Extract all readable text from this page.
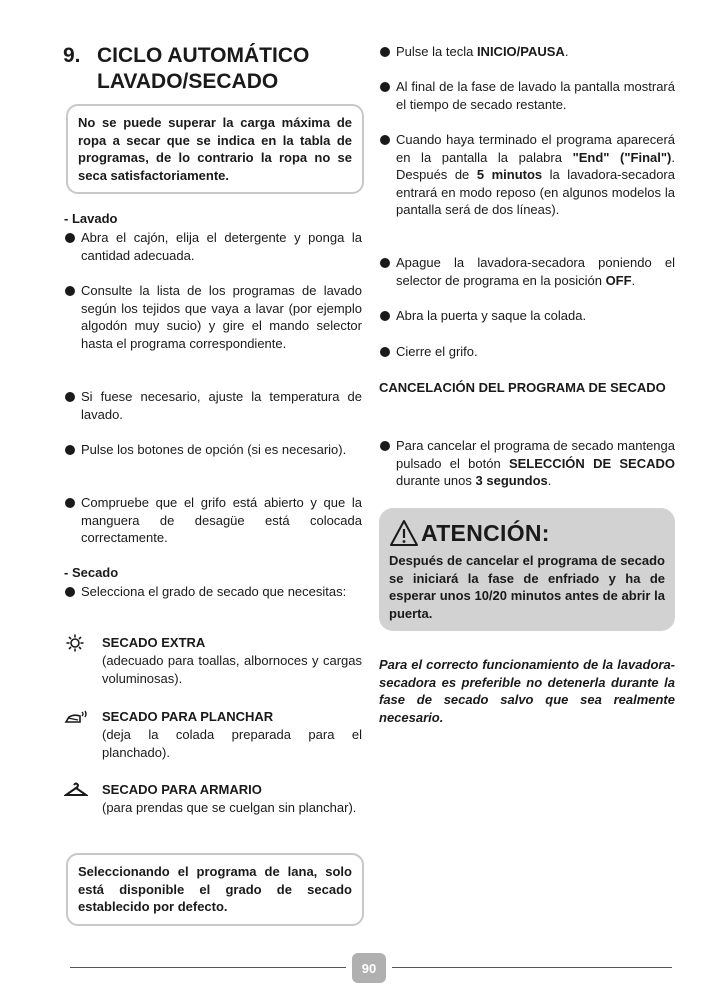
9. CICLO AUTOMÁTICO
LAVADO/SECADO
No se puede superar la carga máxima de ropa a secar que se indica en la tabla de programas, de lo contrario la ropa no se seca satisfactoriamente.
- Lavado
Abra el cajón, elija el detergente y ponga la cantidad adecuada.
Consulte la lista de los programas de lavado según los tejidos que vaya a lavar (por ejemplo algodón muy sucio) y gire el mando selector hasta el programa correspondiente.
Si fuese necesario, ajuste la temperatura de lavado.
Pulse los botones de opción (si es necesario).
Compruebe que el grifo está abierto y que la manguera de desagüe está colocada correctamente.
- Secado
Selecciona el grado de secado que necesitas:
SECADO EXTRA
(adecuado para toallas, albornoces y cargas voluminosas).
SECADO PARA PLANCHAR
(deja la colada preparada para el planchado).
SECADO PARA ARMARIO
(para prendas que se cuelgan sin planchar).
Seleccionando el programa de lana, solo está disponible el grado de secado establecido por defecto.
Pulse la tecla INICIO/PAUSA.
Al final de la fase de lavado la pantalla mostrará el tiempo de secado restante.
Cuando haya terminado el programa aparecerá en la pantalla la palabra "End" ("Final"). Después de 5 minutos la lavadora-secadora entrará en modo reposo (en algunos modelos la pantalla será de dos líneas).
Apague la lavadora-secadora poniendo el selector de programa en la posición OFF.
Abra la puerta y saque la colada.
Cierre el grifo.
CANCELACIÓN DEL PROGRAMA DE SECADO
Para cancelar el programa de secado mantenga pulsado el botón SELECCIÓN DE SECADO durante unos 3 segundos.
ATENCIÓN:
Después de cancelar el programa de secado se iniciará la fase de enfriado y ha de esperar unos 10/20 minutos antes de abrir la puerta.
Para el correcto funcionamiento de la lavadora-secadora es preferible no detenerla durante la fase de secado salvo que sea realmente necesario.
90
